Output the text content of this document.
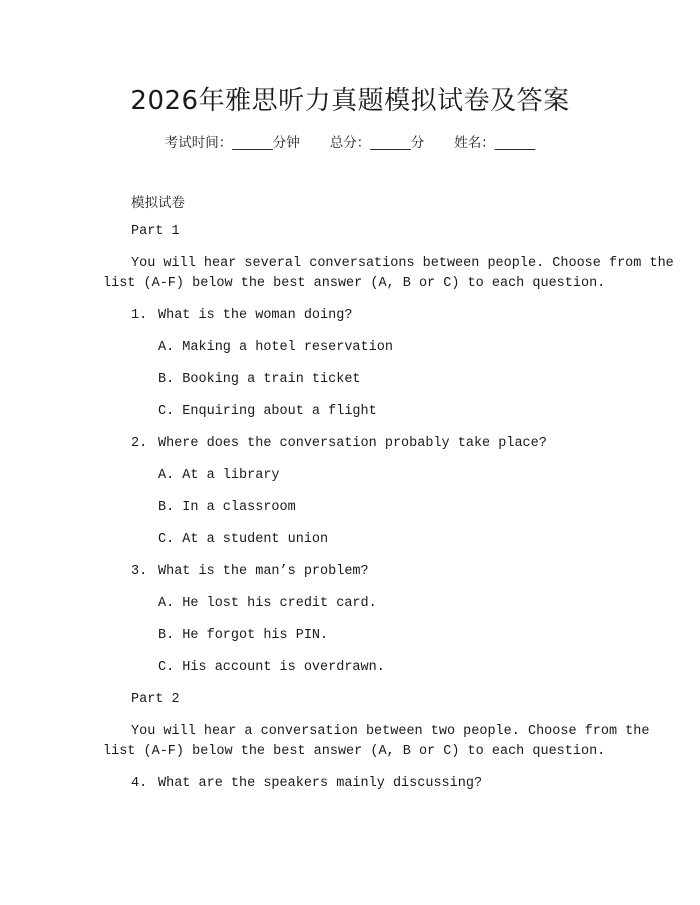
2026年雅思听力真题模拟试卷及答案
考试时间：______分钟 总分：______分 姓名：______
模拟试卷
Part 1
You will hear several conversations between people. Choose from the
list (A-F) below the best answer (A, B or C) to each question.
1. What is the woman doing?
A. Making a hotel reservation
B. Booking a train ticket
C. Enquiring about a flight
2. Where does the conversation probably take place?
A. At a library
B. In a classroom
C. At a student union
3. What is the man’s problem?
A. He lost his credit card.
B. He forgot his PIN.
C. His account is overdrawn.
Part 2
You will hear a conversation between two people. Choose from the
list (A-F) below the best answer (A, B or C) to each question.
4. What are the speakers mainly discussing?
